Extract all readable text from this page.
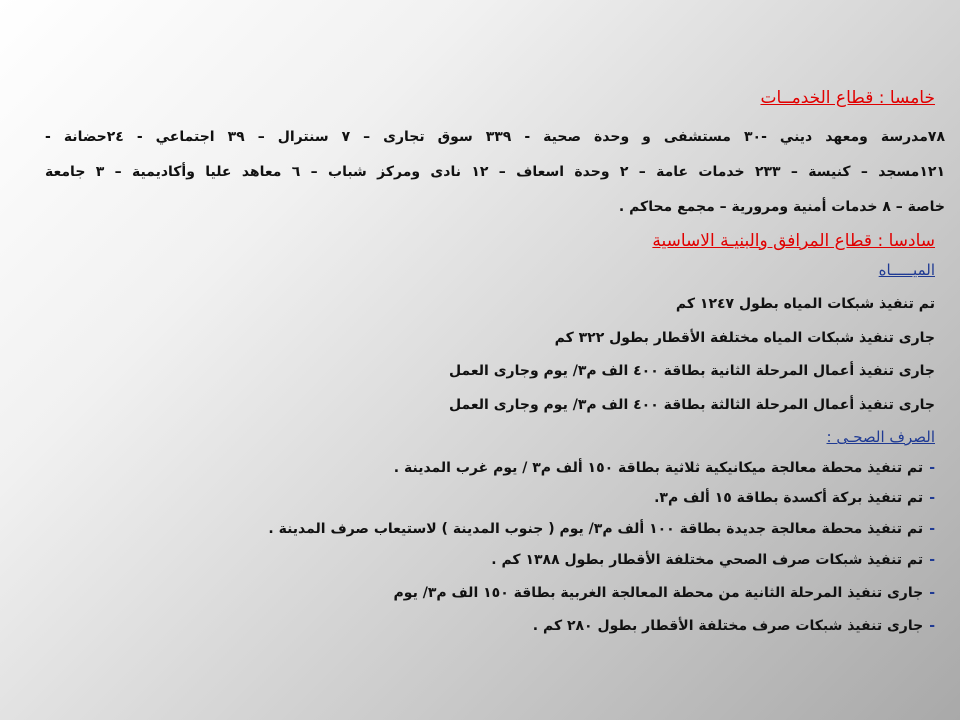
خامسا : قطاع الخدمــات
٧٨مدرسة ومعهد ديني -٣٠ مستشفى و وحدة صحية - ٣٣٩ سوق تجارى – ٧ سنترال – ٣٩ اجتماعي - ٢٤حضانة -
١٢١مسجد – كنيسة – ٢٣٣ خدمات عامة – ٢ وحدة اسعاف – ١٢ نادى ومركز شباب – ٦ معاهد عليا وأكاديمية – ٣ جامعة
خاصة – ٨ خدمات أمنية ومرورية – مجمع محاكم .
سادسا : قطاع المرافق والبنيـة الاساسية
الميـــــاه
تم تنفيذ شبكات المياه بطول ١٢٤٧ كم
جارى تنفيذ شبكات المياه مختلفة الأقطار بطول ٣٢٢ كم
جارى تنفيذ أعمال المرحلة الثانية بطاقة ٤٠٠ الف م٣/ يوم وجارى العمل
جارى تنفيذ أعمال المرحلة الثالثة بطاقة ٤٠٠ الف م٣/ يوم وجارى العمل
الصرف الصحـى :
-تم تنفيذ محطة معالجة ميكانيكية ثلاثية بطاقة ١٥٠ ألف م٣ / يوم غرب المدينة .
-تم تنفيذ بركة أكسدة بطاقة ١٥ ألف م٣.
-تم تنفيذ محطة معالجة جديدة بطاقة ١٠٠ ألف م٣/ يوم ( جنوب المدينة ) لاستيعاب صرف المدينة .
-تم تنفيذ شبكات صرف الصحي مختلفة الأقطار بطول ١٣٨٨ كم .
-جارى تنفيذ المرحلة الثانية من محطة المعالجة الغربية بطاقة ١٥٠ الف م٣/ يوم
-جارى تنفيذ شبكات صرف مختلفة الأقطار بطول ٢٨٠ كم .
